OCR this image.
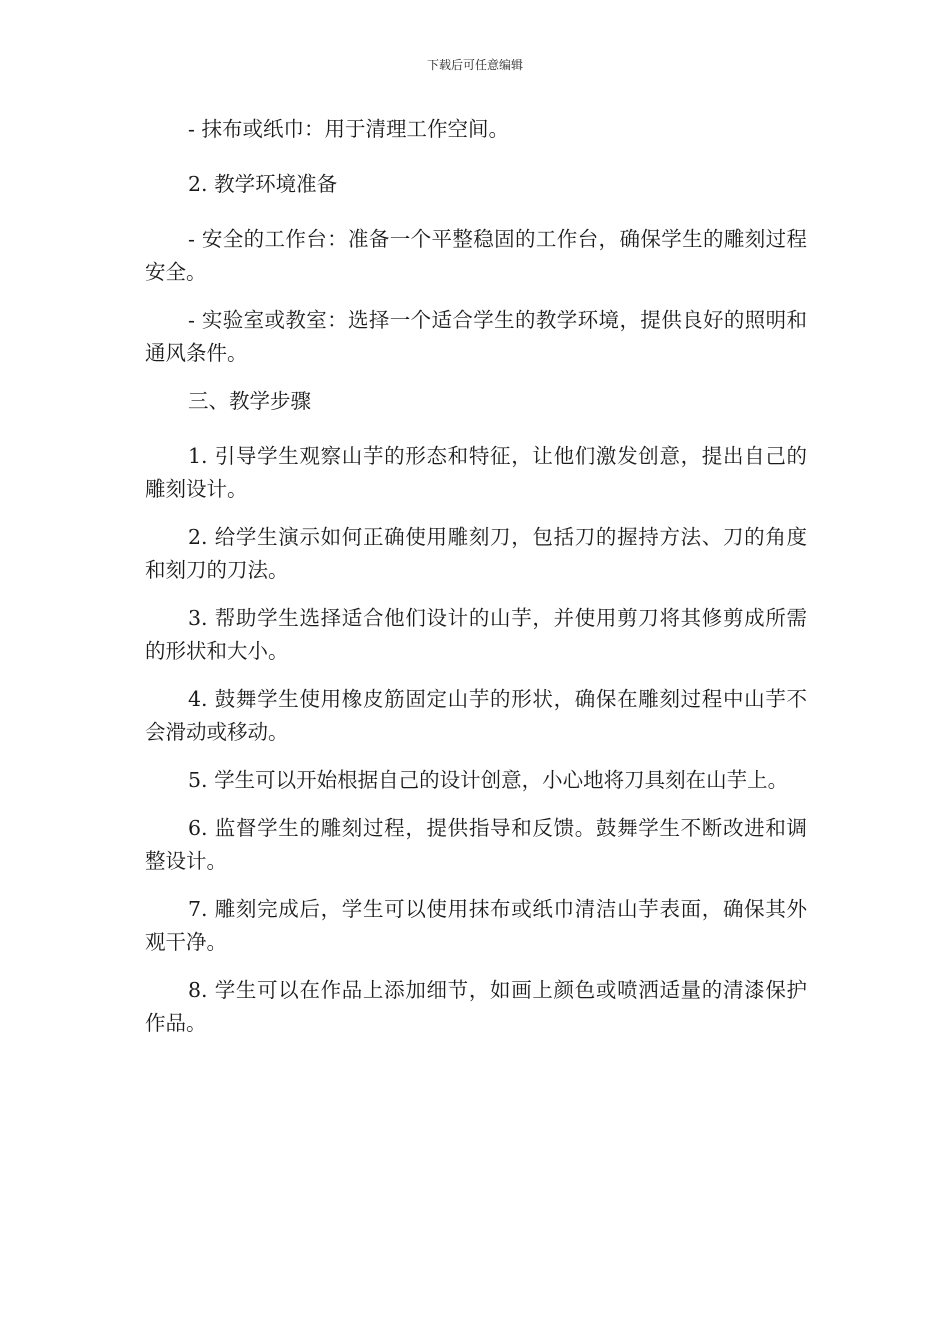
下载后可任意编辑

- 抹布或纸巾：用于清理工作空间。

2. 教学环境准备

- 安全的工作台：准备一个平整稳固的工作台，确保学生的雕刻过程安全。

- 实验室或教室：选择一个适合学生的教学环境，提供良好的照明和通风条件。

三、教学步骤

1. 引导学生观察山芋的形态和特征，让他们激发创意，提出自己的雕刻设计。

2. 给学生演示如何正确使用雕刻刀，包括刀的握持方法、刀的角度和刻刀的刀法。

3. 帮助学生选择适合他们设计的山芋，并使用剪刀将其修剪成所需的形状和大小。

4. 鼓舞学生使用橡皮筋固定山芋的形状，确保在雕刻过程中山芋不会滑动或移动。

5. 学生可以开始根据自己的设计创意，小心地将刀具刻在山芋上。

6. 监督学生的雕刻过程，提供指导和反馈。鼓舞学生不断改进和调整设计。

7. 雕刻完成后，学生可以使用抹布或纸巾清洁山芋表面，确保其外观干净。

8. 学生可以在作品上添加细节，如画上颜色或喷洒适量的清漆保护作品。
